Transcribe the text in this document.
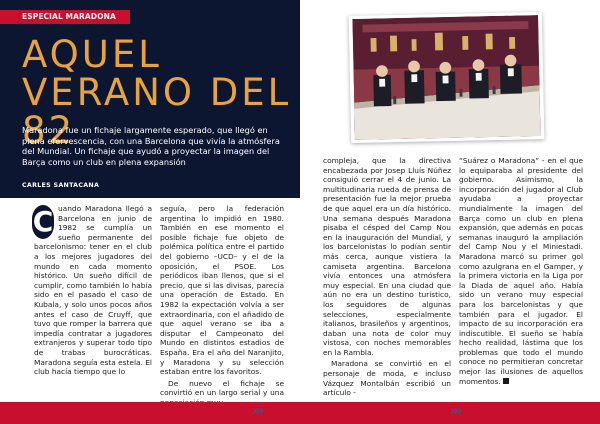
ESPECIAL MARADONA
AQUEL
VERANO DEL 82

Maradona fue un fichaje largamente esperado, que llegó en plena efervescencia, con una Barcelona que vivía la atmósfera del Mundial. Un fichaje que ayudó a proyectar la imagen del Barça como un club en plena expansión

CARLES SANTACANA

C uando Maradona llegó a Barcelona en junio de 1982 se cumplía un sueño permanente del barcelonismo: tener en el club a los mejores jugadores del mundo en cada momento histórico. Un sueño difícil de cumplir, como también lo había sido en el pasado el caso de Kubala, y solo unos pocos años antes el caso de Cruyff, que tuvo que romper la barrera que impedía contratar a jugadores extranjeros y superar todo tipo de trabas burocráticas. Maradona seguía esta estela. El club hacía tiempo que lo

seguía, pero la federación argentina lo impidió en 1980. También en ese momento el posible fichaje fue objeto de polémica política entre el partido del gobierno –UCD– y el de la oposición, el PSOE. Los periódicos iban llenos, que si el precio, que si las divisas, parecía una operación de Estado. En 1982 la expectación volvía a ser extraordinaria, con el añadido de que aquel verano se iba a disputar el Campeonato del Mundo en distintos estadios de España. Era el año del Naranjito, y Maradona y su selección estaban entre los favoritos.

De nuevo el fichaje se convirtió en un largo serial y una

compleja, que la directiva encabezada por Josep Lluís Núñez consiguió cerrar el 4 de junio. La multitudinaria rueda de prensa de presentación fue la mejor prueba de que aquel era un día histórico. Una semana después Maradona pisaba el césped del Camp Nou en la inauguración del Mundial, y los barcelonistas lo podían sentir más cerca, aunque vistiera la camiseta argentina. Barcelona vivía entonces una atmósfera muy especial. En una ciudad que aún no era un destino turístico, los seguidores de algunas selecciones, especialmente italianos, brasileños y argentinos, daban una nota de color muy vistosa, con noches memorables en la Rambla.

Maradona se convirtió en el personaje de moda, e incluso Vázquez Montalbán escribió un artículo -

“Suárez o Maradona” - en el que lo equiparaba al presidente del gobierno. Asimismo, la incorporación del jugador al Club ayudaba a proyectar mundialmente la imagen del Barça como un club en plena expansión, que además en pocas semanas inauguró la ampliación del Camp Nou y el Miniestadi. Maradona marcó su primer gol como azulgrana en el Gamper, y la primera victoria en la Liga por la Diada de aquel año. Había sido un verano muy especial para los barcelonistas y que también para el jugador. El impacto de su incorporación era indiscutible. El sueño se había hecho realidad, lástima que los problemas que todo el mundo conoce no permitieran concretar mejor las ilusiones de aquellos momentos.

›››	›››
